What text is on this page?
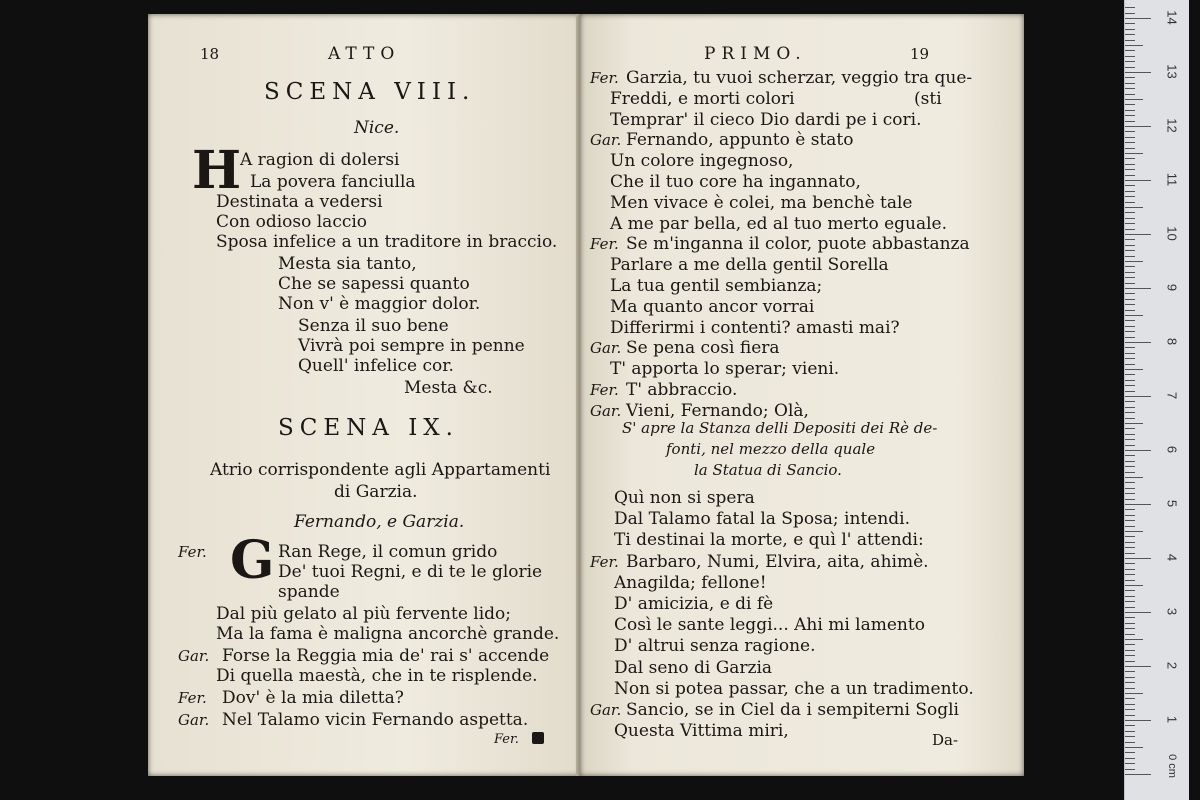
18	ATTO
SCENA VIII.
Nice.
H
A ragion di dolersi
La povera fanciulla
Destinata a vedersi
Con odioso laccio
Sposa infelice a un traditore in braccio.
Mesta sia tanto,
Che se sapessi quanto
Non v' è maggior dolor.
Senza il suo bene
Vivrà poi sempre in penne
Quell' infelice cor.
Mesta &c.
SCENA IX.
Atrio corrispondente agli Appartamenti
di Garzia.
Fernando, e Garzia.
Fer. G Ran Rege, il comun grido
De' tuoi Regni, e di te le glorie
spande
Dal più gelato al più fervente lido;
Ma la fama è maligna ancorchè grande.
Gar. Forse la Reggia mia de' rai s' accende
Di quella maestà, che in te risplende.
Fer. Dov' è la mia diletta?
Gar. Nel Talamo vicin Fernando aspetta.
Fer.
PRIMO.	19
Fer. Garzia, tu vuoi scherzar, veggio tra que-
Freddi, e morti colori	(sti
Temprar' il cieco Dio dardi pe i cori.
Gar. Fernando, appunto è stato
Un colore ingegnoso,
Che il tuo core ha ingannato,
Men vivace è colei, ma benchè tale
A me par bella, ed al tuo merto eguale.
Fer. Se m'inganna il color, puote abbastanza
Parlare a me della gentil Sorella
La tua gentil sembianza;
Ma quanto ancor vorrai
Differirmi i contenti? amasti mai?
Gar. Se pena così fiera
T' apporta lo sperar; vieni.
Fer. T' abbraccio.
Gar. Vieni, Fernando; Olà,
S' apre la Stanza delli Depositi dei Rè de-
fonti, nel mezzo della quale
la Statua di Sancio.
Quì non si spera
Dal Talamo fatal la Sposa; intendi.
Ti destinai la morte, e quì l' attendi:
Fer. Barbaro, Numi, Elvira, aita, ahimè.
Anagilda; fellone!
D' amicizia, e di fè
Così le sante leggi... Ahi mi lamento
D' altrui senza ragione.
Dal seno di Garzia
Non si potea passar, che a un tradimento.
Gar. Sancio, se in Ciel da i sempiterni Sogli
Questa Vittima miri,	Da-
0 cm
1
2
3
4
5
6
7
8
9
10
11
12
13
14
